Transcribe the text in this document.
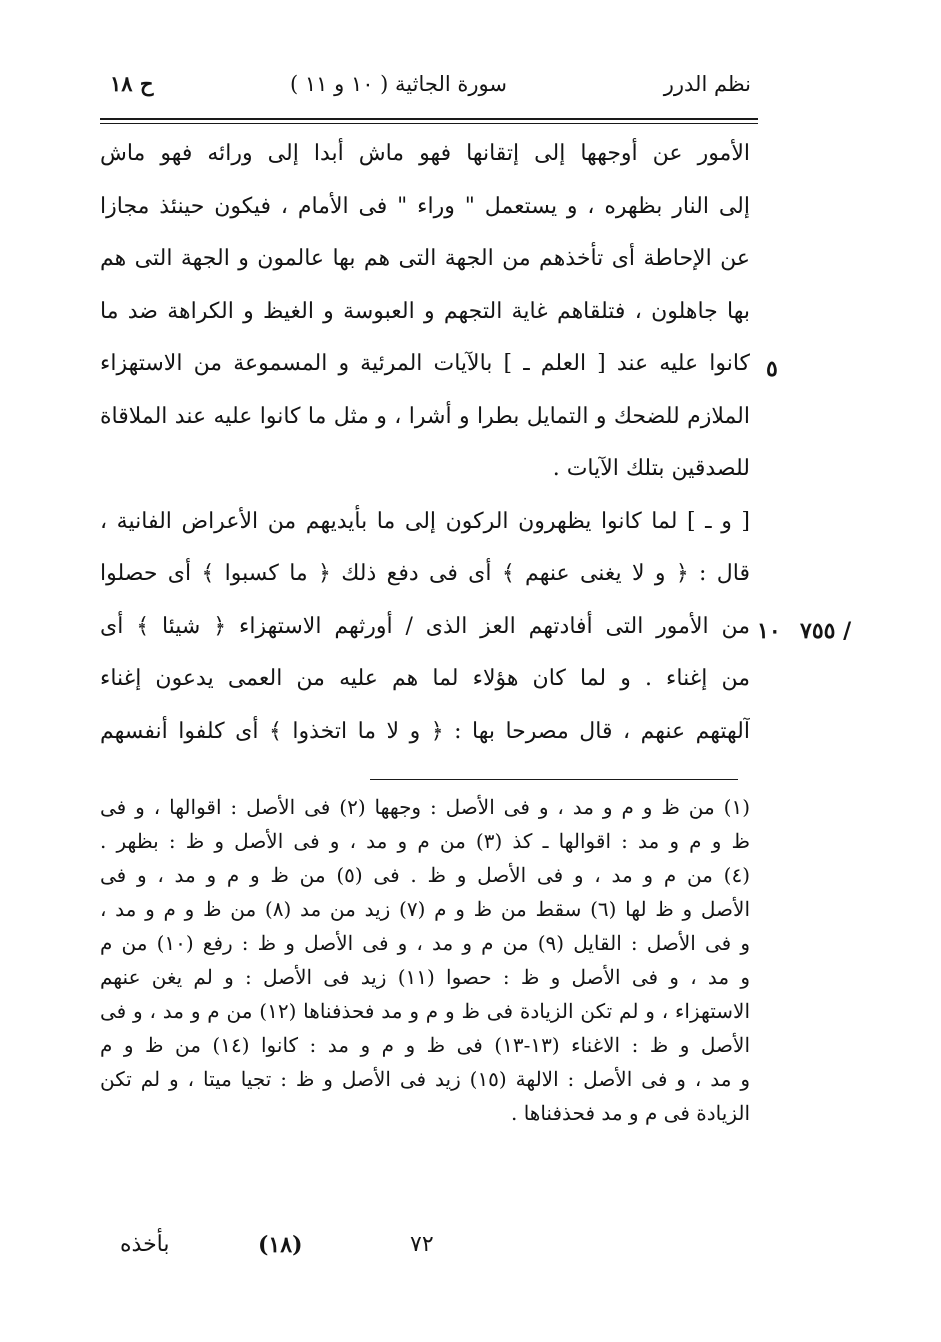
نظم الدرر
سورة الجاثية ( ١٠ و ١١ )
ح ١٨
الأمور عن أوجهها إلى إتقانها فهو ماش أبدا إلى ورائه فهو ماش
إلى النار بظهره ، و يستعمل " وراء " فى الأمام ، فيكون حينئذ مجازا
عن الإحاطة أى تأخذهم من الجهة التى هم بها عالمون و الجهة التى هم
بها جاهلون ، فتلقاهم غاية التجهم و العبوسة و الغيظ و الكراهة ضد ما
كانوا عليه عند [ العلم ـ ] بالآيات المرئية و المسموعة من الاستهزاء
الملازم للضحك و التمايل بطرا و أشرا ، و مثل ما كانوا عليه عند الملاقاة
للصدقين بتلك الآيات .
[ و ـ ] لما كانوا يظهرون الركون إلى ما بأيديهم من الأعراض الفانية ،
قال : ﴿ و لا يغنى عنهم ﴾ أى فى دفع ذلك ﴿ ما كسبوا ﴾ أى حصلوا
من الأمور التى أفادتهم العز الذى / أورثهم الاستهزاء ﴿ شيئا ﴾ أى
من إغناء . و لما كان هؤلاء لما هم عليه من العمى يدعون إغناء
آلهتهم عنهم ، قال مصرحا بها : ﴿ و لا ما اتخذوا ﴾ أى كلفوا أنفسهم
٥
١٠ ٧٥٥ /
(١) من ظ و م و مد ، و فى الأصل : وجهها (٢) فى الأصل : اقوالها ، و فى
ظ و م و مد : اقوالها ـ كذ (٣) من م و مد ، و فى الأصل و ظ : بظهر .
(٤) من م و مد ، و فى الأصل و ظ . فى (٥) من ظ و م و مد ، و فى
الأصل و ظ لها (٦) سقط من ظ و م (٧) زيد من مد (٨) من ظ و م و مد ،
و فى الأصل : القايل (٩) من م و مد ، و فى الأصل و ظ : رفع (١٠) من م
و مد ، و فى الأصل و ظ : حصوا (١١) زيد فى الأصل : و لم يغن عنهم
الاستهزاء ، و لم تكن الزيادة فى ظ و م و مد فحذفناها (١٢) من م و مد ، و فى
الأصل و ظ : الاغناء (١٣-١٣) فى ظ و م و مد : كانوا (١٤) من ظ و م
و مد ، و فى الأصل : الالهة (١٥) زيد فى الأصل و ظ : تجيا ميتا ، و لم تكن
الزيادة فى م و مد فحذفناها .
بأخذه	(١٨)	٧٢
